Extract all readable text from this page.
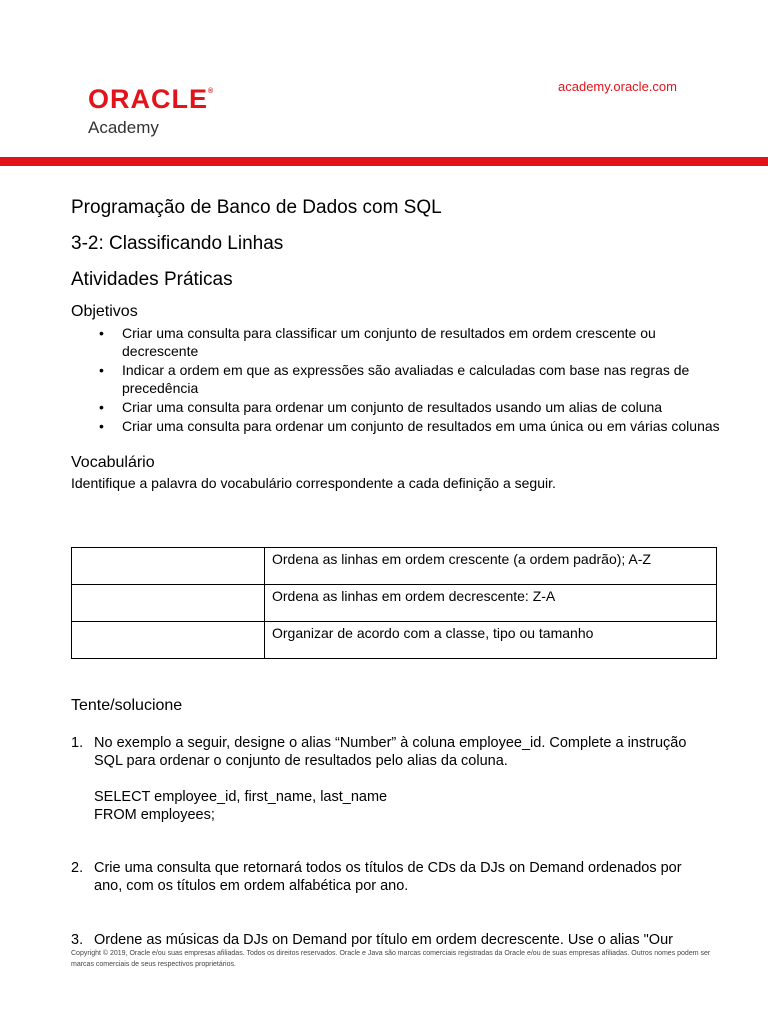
ORACLE®
Academy
academy.oracle.com
Programação de Banco de Dados com SQL
3-2: Classificando Linhas
Atividades Práticas
Objetivos
• Criar uma consulta para classificar um conjunto de resultados em ordem crescente ou decrescente
• Indicar a ordem em que as expressões são avaliadas e calculadas com base nas regras de precedência
• Criar uma consulta para ordenar um conjunto de resultados usando um alias de coluna
• Criar uma consulta para ordenar um conjunto de resultados em uma única ou em várias colunas
Vocabulário
Identifique a palavra do vocabulário correspondente a cada definição a seguir.
	Ordena as linhas em ordem crescente (a ordem padrão); A-Z
	Ordena as linhas em ordem decrescente: Z-A
	Organizar de acordo com a classe, tipo ou tamanho
Tente/solucione
1. No exemplo a seguir, designe o alias “Number” à coluna employee_id. Complete a instrução SQL para ordenar o conjunto de resultados pelo alias da coluna.
SELECT employee_id, first_name, last_name
FROM employees;
2. Crie uma consulta que retornará todos os títulos de CDs da DJs on Demand ordenados por ano, com os títulos em ordem alfabética por ano.
3. Ordene as músicas da DJs on Demand por título em ordem decrescente. Use o alias "Our
Copyright © 2019, Oracle e/ou suas empresas afiliadas. Todos os direitos reservados. Oracle e Java são marcas comerciais registradas da Oracle e/ou de suas empresas afiliadas. Outros nomes podem ser marcas comerciais de seus respectivos proprietários.
